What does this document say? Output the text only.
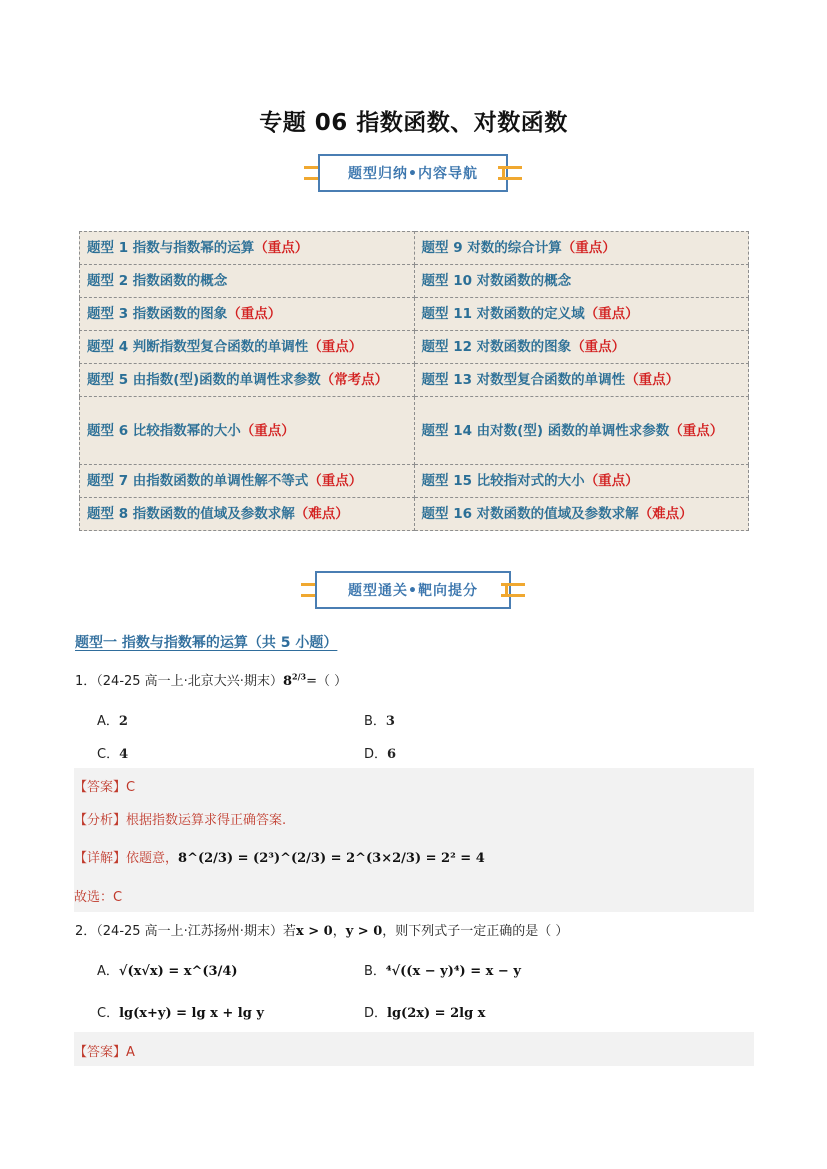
专题 06 指数函数、对数函数
题型归纳•内容导航
题型 1 指数与指数幂的运算（重点）	题型 9 对数的综合计算（重点）
题型 2 指数函数的概念	题型 10 对数函数的概念
题型 3 指数函数的图象（重点）	题型 11 对数函数的定义域（重点）
题型 4 判断指数型复合函数的单调性（重点）	题型 12 对数函数的图象（重点）
题型 5 由指数(型)函数的单调性求参数（常考点）	题型 13 对数型复合函数的单调性（重点）
题型 6 比较指数幂的大小（重点）	题型 14 由对数(型) 函数的单调性求参数（重点）
题型 7 由指数函数的单调性解不等式（重点）	题型 15 比较指对式的大小（重点）
题型 8 指数函数的值域及参数求解（难点）	题型 16 对数函数的值域及参数求解（难点）
题型通关•靶向提分
题型一 指数与指数幂的运算（共 5 小题）
1．（24-25 高一上·北京大兴·期末）$8^{2/3}=$（ ）
A．2	B．3
C．4	D．6
【答案】C
【分析】根据指数运算求得正确答案.
【详解】依题意，8^(2/3) = (2³)^(2/3) = 2^(3×2/3) = 2² = 4
故选：C
2．（24-25 高一上·江苏扬州·期末）若x > 0，y > 0，则下列式子一定正确的是（ ）
A．√(x√x) = x^(3/4)	B．⁴√((x − y)⁴) = x − y
C．lg(x+y) = lg x + lg y	D．lg(2x) = 2lg x
【答案】A
